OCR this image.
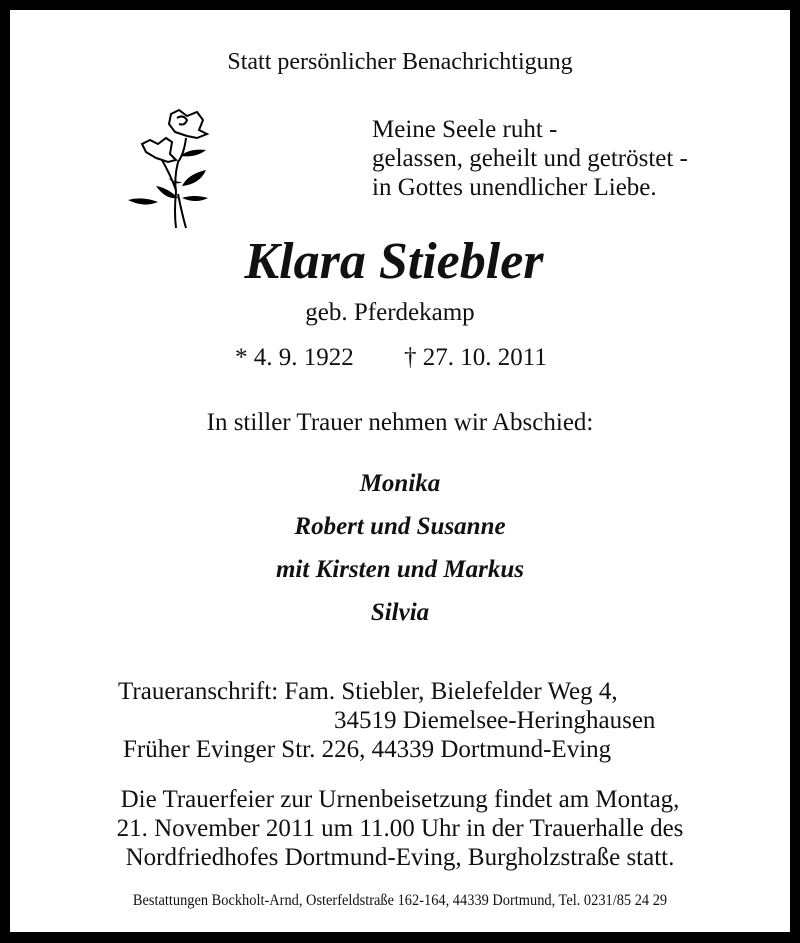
Statt persönlicher Benachrichtigung
Meine Seele ruht -
gelassen, geheilt und getröstet -
in Gottes unendlicher Liebe.
Klara Stiebler
geb. Pferdekamp
* 4. 9. 1922 † 27. 10. 2011
In stiller Trauer nehmen wir Abschied:
Monika
Robert und Susanne
mit Kirsten und Markus
Silvia
Traueranschrift: Fam. Stiebler, Bielefelder Weg 4,
34519 Diemelsee-Heringhausen
Früher Evinger Str. 226, 44339 Dortmund-Eving
Die Trauerfeier zur Urnenbeisetzung findet am Montag,
21. November 2011 um 11.00 Uhr in der Trauerhalle des
Nordfriedhofes Dortmund-Eving, Burgholzstraße statt.
Bestattungen Bockholt-Arnd, Osterfeldstraße 162-164, 44339 Dortmund, Tel. 0231/85 24 29
